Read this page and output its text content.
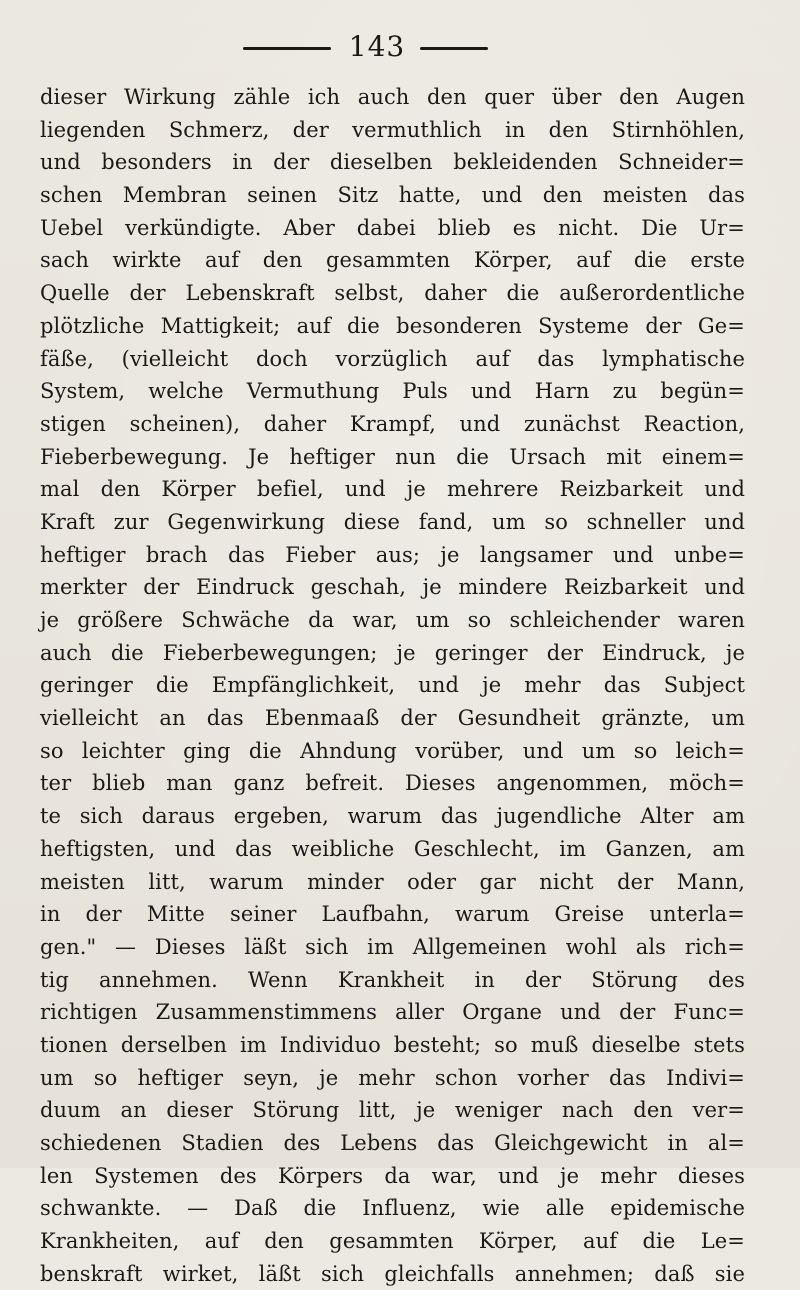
143
dieser Wirkung zähle ich auch den quer über den Augen
liegenden Schmerz, der vermuthlich in den Stirnhöhlen,
und besonders in der dieselben bekleidenden Schneider=
schen Membran seinen Sitz hatte, und den meisten das
Uebel verkündigte. Aber dabei blieb es nicht. Die Ur=
sach wirkte auf den gesammten Körper, auf die erste
Quelle der Lebenskraft selbst, daher die außerordentliche
plötzliche Mattigkeit; auf die besonderen Systeme der Ge=
fäße, (vielleicht doch vorzüglich auf das lymphatische
System, welche Vermuthung Puls und Harn zu begün=
stigen scheinen), daher Krampf, und zunächst Reaction,
Fieberbewegung. Je heftiger nun die Ursach mit einem=
mal den Körper befiel, und je mehrere Reizbarkeit und
Kraft zur Gegenwirkung diese fand, um so schneller und
heftiger brach das Fieber aus; je langsamer und unbe=
merkter der Eindruck geschah, je mindere Reizbarkeit und
je größere Schwäche da war, um so schleichender waren
auch die Fieberbewegungen; je geringer der Eindruck, je
geringer die Empfänglichkeit, und je mehr das Subject
vielleicht an das Ebenmaaß der Gesundheit gränzte, um
so leichter ging die Ahndung vorüber, und um so leich=
ter blieb man ganz befreit. Dieses angenommen, möch=
te sich daraus ergeben, warum das jugendliche Alter am
heftigsten, und das weibliche Geschlecht, im Ganzen, am
meisten litt, warum minder oder gar nicht der Mann,
in der Mitte seiner Laufbahn, warum Greise unterla=
gen." — Dieses läßt sich im Allgemeinen wohl als rich=
tig annehmen. Wenn Krankheit in der Störung des
richtigen Zusammenstimmens aller Organe und der Func=
tionen derselben im Individuo besteht; so muß dieselbe stets
um so heftiger seyn, je mehr schon vorher das Indivi=
duum an dieser Störung litt, je weniger nach den ver=
schiedenen Stadien des Lebens das Gleichgewicht in al=
len Systemen des Körpers da war, und je mehr dieses
schwankte. — Daß die Influenz, wie alle epidemische
Krankheiten, auf den gesammten Körper, auf die Le=
benskraft wirket, läßt sich gleichfalls annehmen; daß sie
